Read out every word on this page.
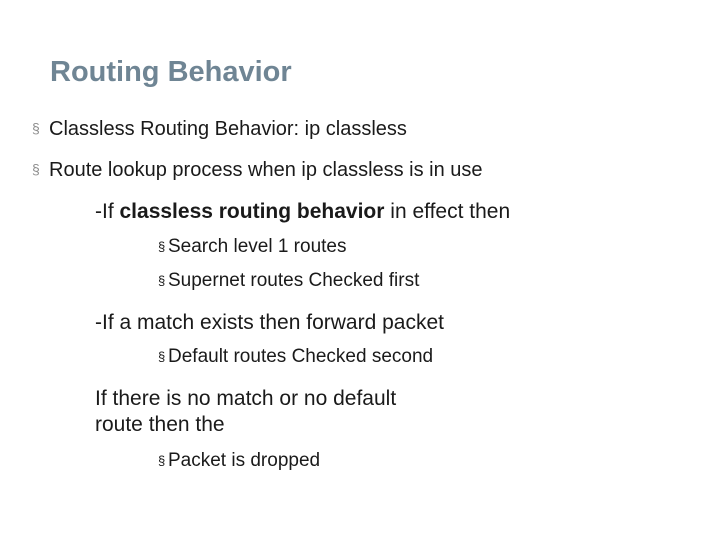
Routing Behavior
§ Classless Routing Behavior: ip classless
§ Route lookup process when ip classless is in use
-If classless routing behavior in effect then
§ Search level 1 routes
§ Supernet routes Checked first
-If a match exists then forward packet
§ Default routes Checked second
If there is no match or no default
route then the
§ Packet is dropped
